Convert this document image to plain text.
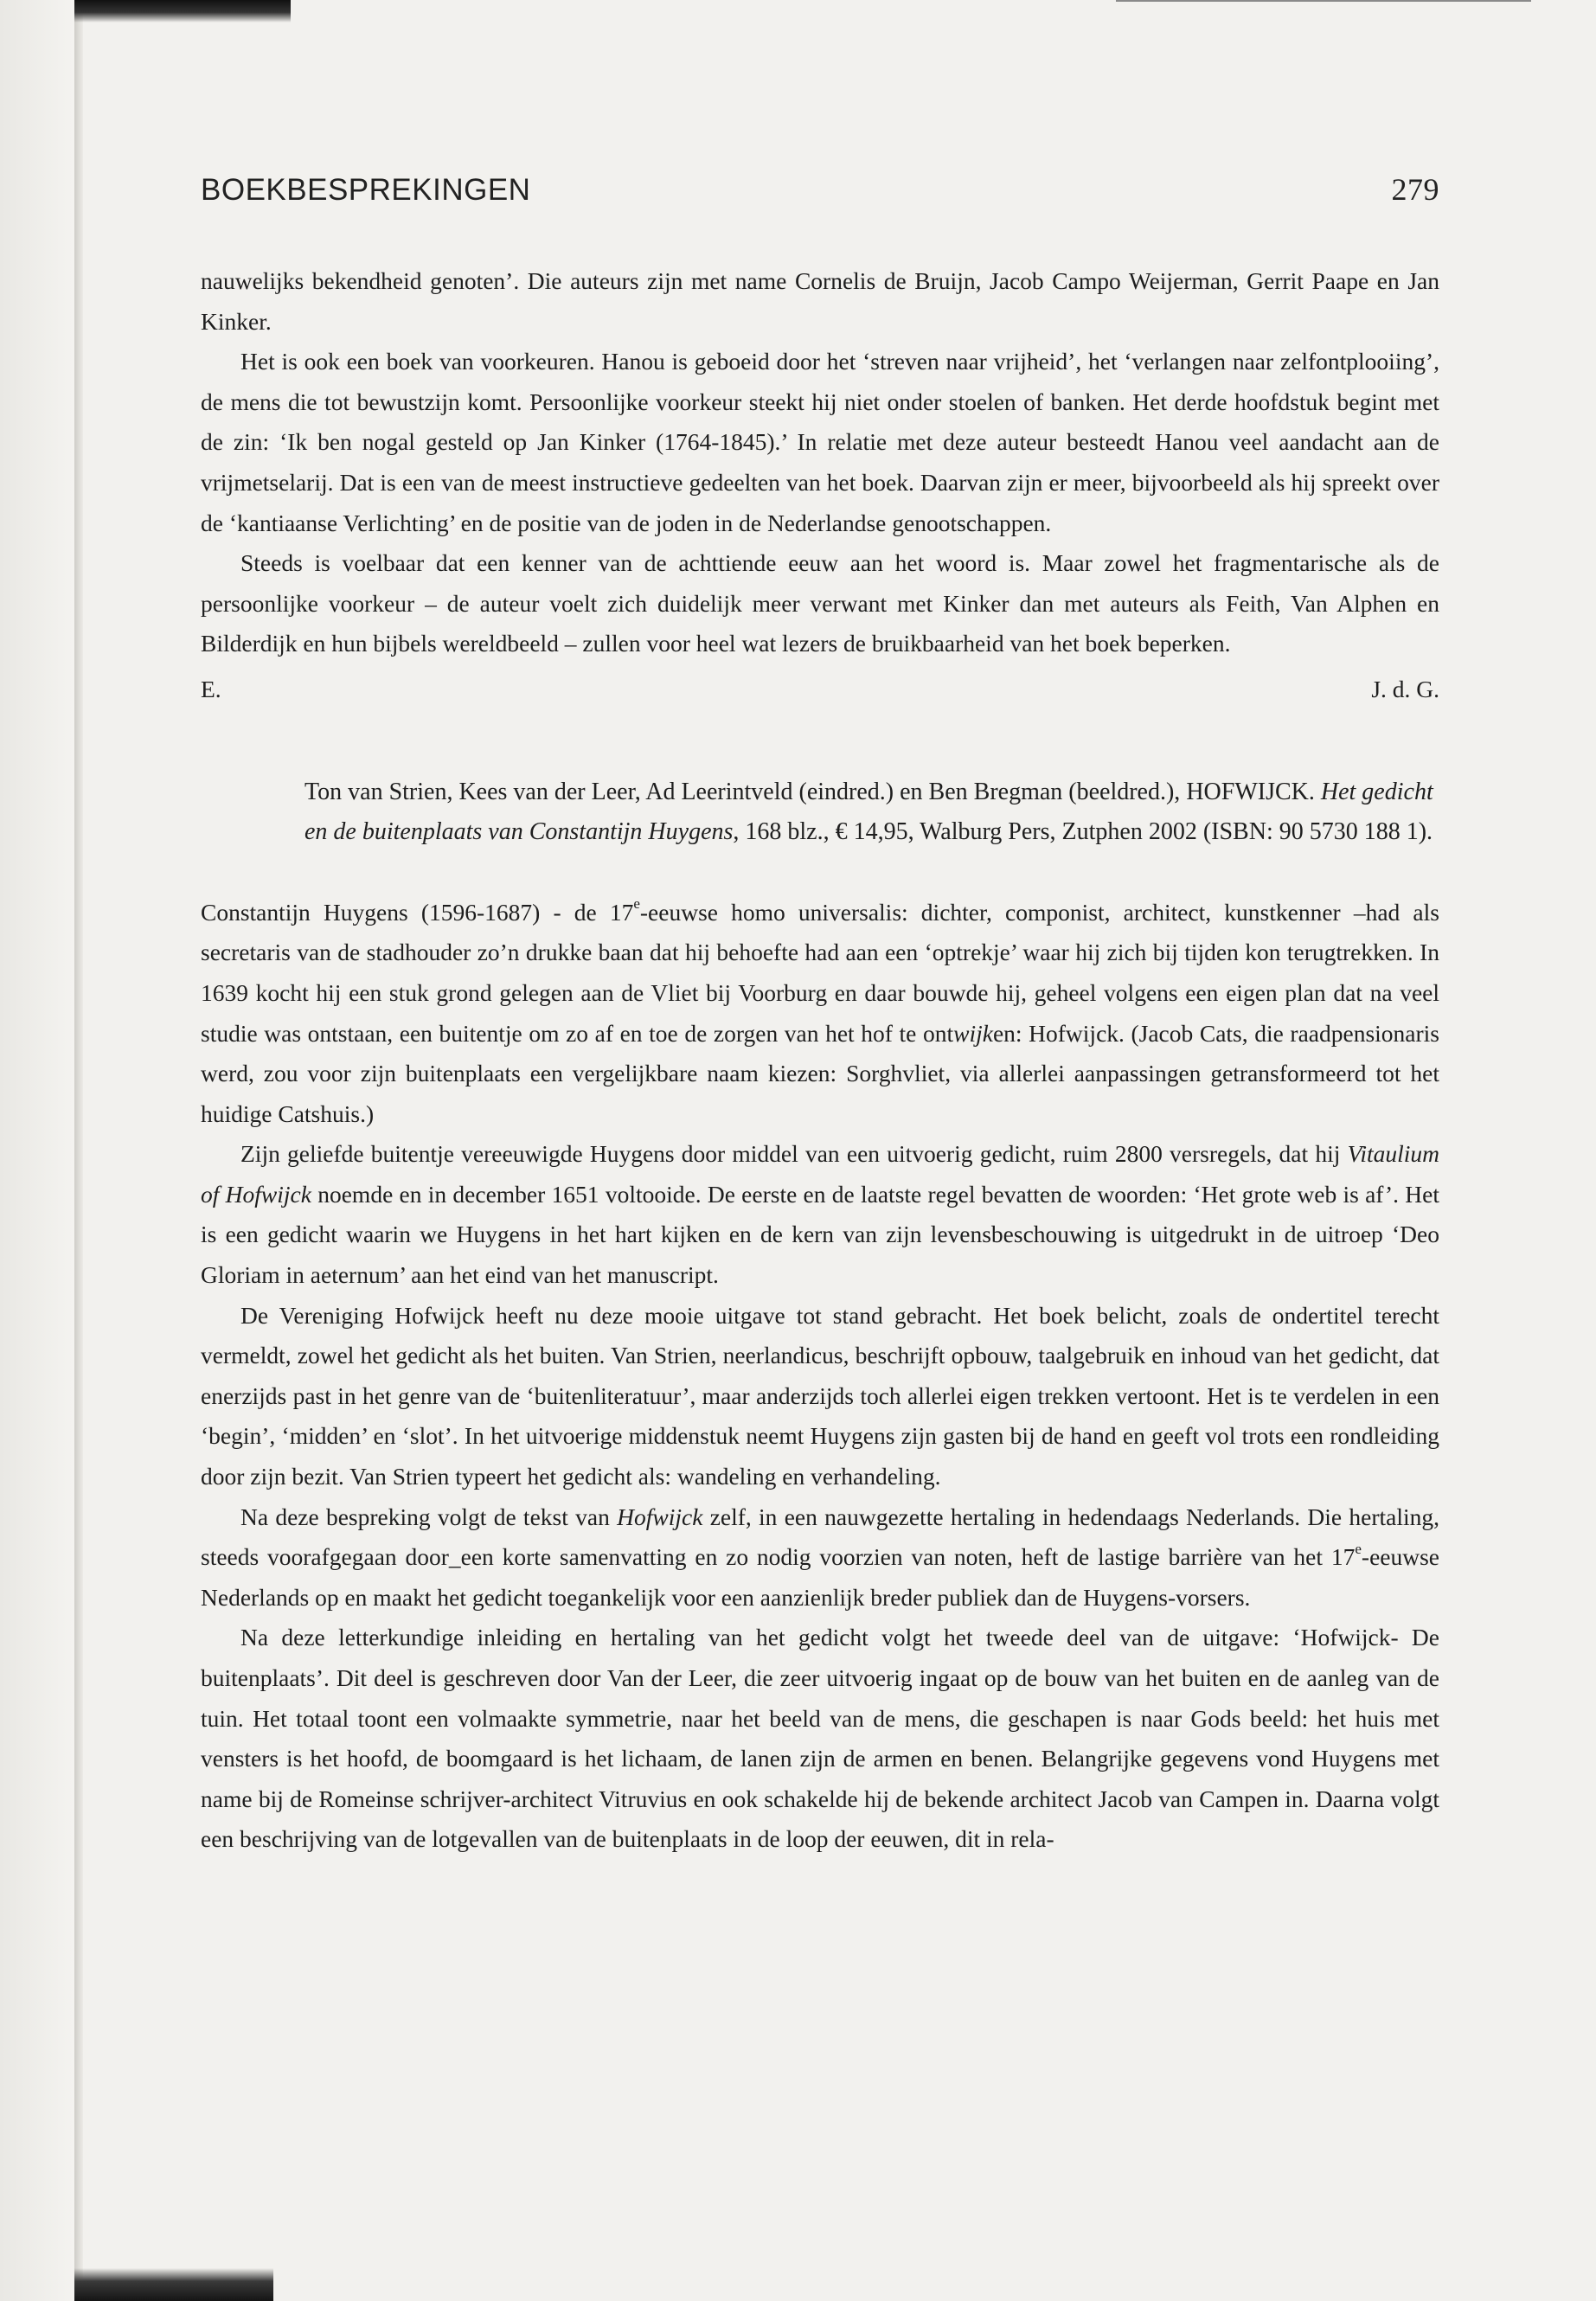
BOEKBESPREKINGEN	279

nauwelijks bekendheid genoten’. Die auteurs zijn met name Cornelis de Bruijn, Jacob Campo Weijerman, Gerrit Paape en Jan Kinker.

Het is ook een boek van voorkeuren. Hanou is geboeid door het ‘streven naar vrijheid’, het ‘verlangen naar zelfontplooiing’, de mens die tot bewustzijn komt. Persoonlijke voorkeur steekt hij niet onder stoelen of banken. Het derde hoofdstuk begint met de zin: ‘Ik ben nogal gesteld op Jan Kinker (1764-1845).’ In relatie met deze auteur besteedt Hanou veel aandacht aan de vrijmetselarij. Dat is een van de meest instructieve gedeelten van het boek. Daarvan zijn er meer, bijvoorbeeld als hij spreekt over de ‘kantiaanse Verlichting’ en de positie van de joden in de Nederlandse genootschappen.

Steeds is voelbaar dat een kenner van de achttiende eeuw aan het woord is. Maar zowel het fragmentarische als de persoonlijke voorkeur – de auteur voelt zich duidelijk meer verwant met Kinker dan met auteurs als Feith, Van Alphen en Bilderdijk en hun bijbels wereldbeeld – zullen voor heel wat lezers de bruikbaarheid van het boek beperken.

E.	J. d. G.
Ton van Strien, Kees van der Leer, Ad Leerintveld (eindred.) en Ben Bregman (beeldred.), HOFWIJCK. Het gedicht en de buitenplaats van Constantijn Huygens, 168 blz., € 14,95, Walburg Pers, Zutphen 2002 (ISBN: 90 5730 188 1).

Constantijn Huygens (1596-1687) - de 17e-eeuwse homo universalis: dichter, componist, architect, kunstkenner –had als secretaris van de stadhouder zo’n drukke baan dat hij behoefte had aan een ‘optrekje’ waar hij zich bij tijden kon terugtrekken. In 1639 kocht hij een stuk grond gelegen aan de Vliet bij Voorburg en daar bouwde hij, geheel volgens een eigen plan dat na veel studie was ontstaan, een buitentje om zo af en toe de zorgen van het hof te ontwijken: Hofwijck. (Jacob Cats, die raadpensionaris werd, zou voor zijn buitenplaats een vergelijkbare naam kiezen: Sorghvliet, via allerlei aanpassingen getransformeerd tot het huidige Catshuis.)

Zijn geliefde buitentje vereeuwigde Huygens door middel van een uitvoerig gedicht, ruim 2800 versregels, dat hij Vitaulium of Hofwijck noemde en in december 1651 voltooide. De eerste en de laatste regel bevatten de woorden: ‘Het grote web is af’. Het is een gedicht waarin we Huygens in het hart kijken en de kern van zijn levensbeschouwing is uitgedrukt in de uitroep ‘Deo Gloriam in aeternum’ aan het eind van het manuscript.

De Vereniging Hofwijck heeft nu deze mooie uitgave tot stand gebracht. Het boek belicht, zoals de ondertitel terecht vermeldt, zowel het gedicht als het buiten. Van Strien, neerlandicus, beschrijft opbouw, taalgebruik en inhoud van het gedicht, dat enerzijds past in het genre van de ‘buitenliteratuur’, maar anderzijds toch allerlei eigen trekken vertoont. Het is te verdelen in een ‘begin’, ‘midden’ en ‘slot’. In het uitvoerige middenstuk neemt Huygens zijn gasten bij de hand en geeft vol trots een rondleiding door zijn bezit. Van Strien typeert het gedicht als: wandeling en verhandeling.

Na deze bespreking volgt de tekst van Hofwijck zelf, in een nauwgezette hertaling in hedendaags Nederlands. Die hertaling, steeds voorafgegaan door_een korte samenvatting en zo nodig voorzien van noten, heft de lastige barrière van het 17e-eeuwse Nederlands op en maakt het gedicht toegankelijk voor een aanzienlijk breder publiek dan de Huygens-vorsers.

Na deze letterkundige inleiding en hertaling van het gedicht volgt het tweede deel van de uitgave: ‘Hofwijck- De buitenplaats’. Dit deel is geschreven door Van der Leer, die zeer uitvoerig ingaat op de bouw van het buiten en de aanleg van de tuin. Het totaal toont een volmaakte symmetrie, naar het beeld van de mens, die geschapen is naar Gods beeld: het huis met vensters is het hoofd, de boomgaard is het lichaam, de lanen zijn de armen en benen. Belangrijke gegevens vond Huygens met name bij de Romeinse schrijver-architect Vitruvius en ook schakelde hij de bekende architect Jacob van Campen in. Daarna volgt een beschrijving van de lotgevallen van de buitenplaats in de loop der eeuwen, dit in rela-
